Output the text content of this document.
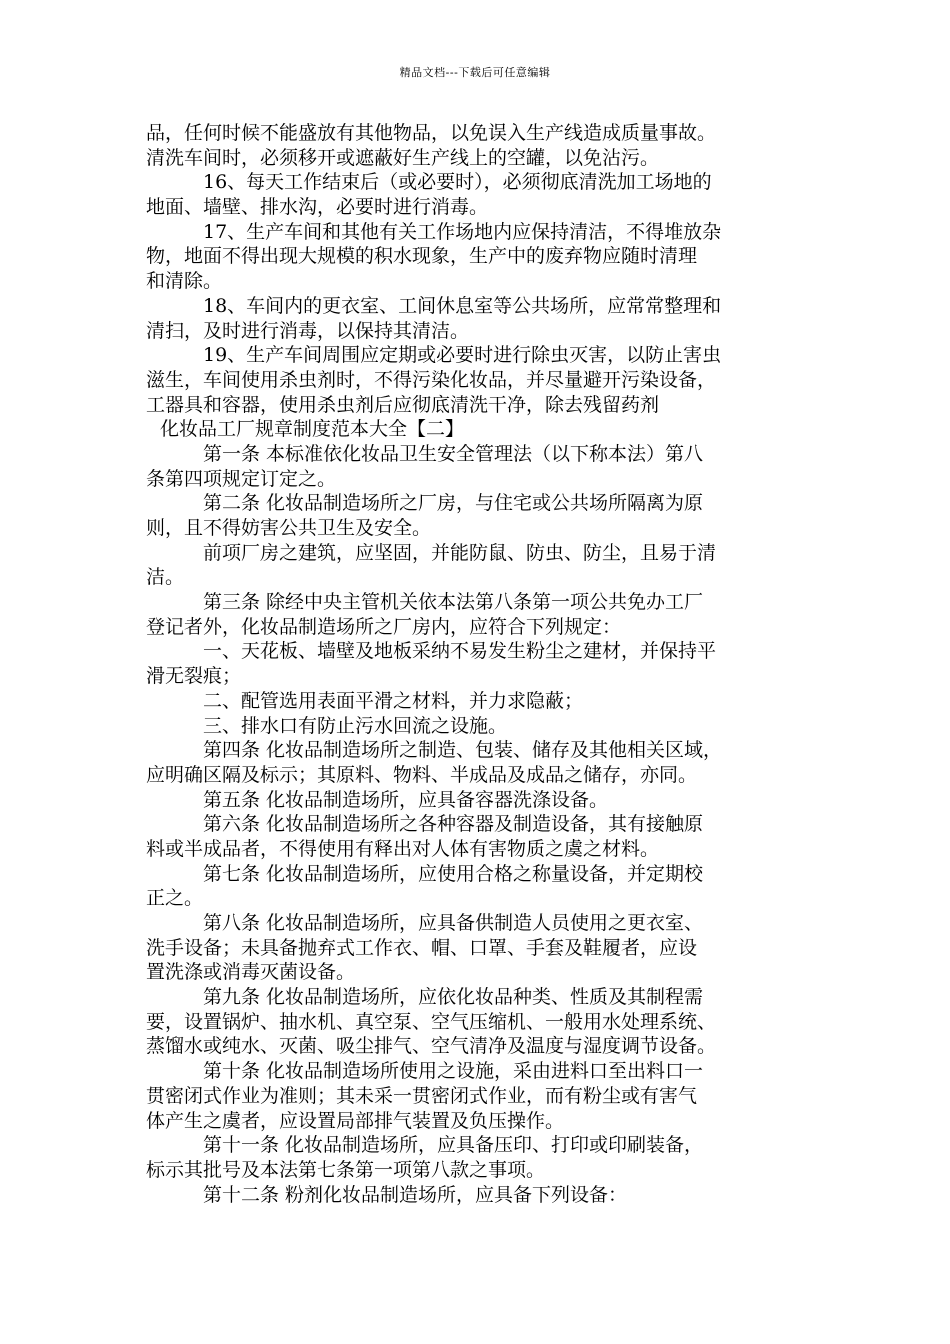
精品文档---下载后可任意编辑
品，任何时候不能盛放有其他物品，以免误入生产线造成质量事故。
清洗车间时，必须移开或遮蔽好生产线上的空罐，以免沾污。
16、每天工作结束后（或必要时），必须彻底清洗加工场地的
地面、墙壁、排水沟，必要时进行消毒。
17、生产车间和其他有关工作场地内应保持清洁，不得堆放杂
物，地面不得出现大规模的积水现象，生产中的废弃物应随时清理
和清除。
18、车间内的更衣室、工间休息室等公共场所，应常常整理和
清扫，及时进行消毒，以保持其清洁。
19、生产车间周围应定期或必要时进行除虫灭害，以防止害虫
滋生，车间使用杀虫剂时，不得污染化妆品，并尽量避开污染设备，
工器具和容器，使用杀虫剂后应彻底清洗干净，除去残留药剂
化妆品工厂规章制度范本大全【二】
第一条 本标准依化妆品卫生安全管理法（以下称本法）第八
条第四项规定订定之。
第二条 化妆品制造场所之厂房，与住宅或公共场所隔离为原
则，且不得妨害公共卫生及安全。
前项厂房之建筑，应坚固，并能防鼠、防虫、防尘，且易于清
洁。
第三条 除经中央主管机关依本法第八条第一项公共免办工厂
登记者外，化妆品制造场所之厂房内，应符合下列规定：
一、天花板、墙壁及地板采纳不易发生粉尘之建材，并保持平
滑无裂痕；
二、配管选用表面平滑之材料，并力求隐蔽；
三、排水口有防止污水回流之设施。
第四条 化妆品制造场所之制造、包装、储存及其他相关区域，
应明确区隔及标示；其原料、物料、半成品及成品之储存，亦同。
第五条 化妆品制造场所，应具备容器洗涤设备。
第六条 化妆品制造场所之各种容器及制造设备，其有接触原
料或半成品者，不得使用有释出对人体有害物质之虞之材料。
第七条 化妆品制造场所，应使用合格之称量设备，并定期校
正之。
第八条 化妆品制造场所，应具备供制造人员使用之更衣室、
洗手设备；未具备抛弃式工作衣、帽、口罩、手套及鞋履者，应设
置洗涤或消毒灭菌设备。
第九条 化妆品制造场所，应依化妆品种类、性质及其制程需
要，设置锅炉、抽水机、真空泵、空气压缩机、一般用水处理系统、
蒸馏水或纯水、灭菌、吸尘排气、空气清净及温度与湿度调节设备。
第十条 化妆品制造场所使用之设施，采由进料口至出料口一
贯密闭式作业为准则；其未采一贯密闭式作业，而有粉尘或有害气
体产生之虞者，应设置局部排气装置及负压操作。
第十一条 化妆品制造场所，应具备压印、打印或印刷装备，
标示其批号及本法第七条第一项第八款之事项。
第十二条 粉剂化妆品制造场所，应具备下列设备：
